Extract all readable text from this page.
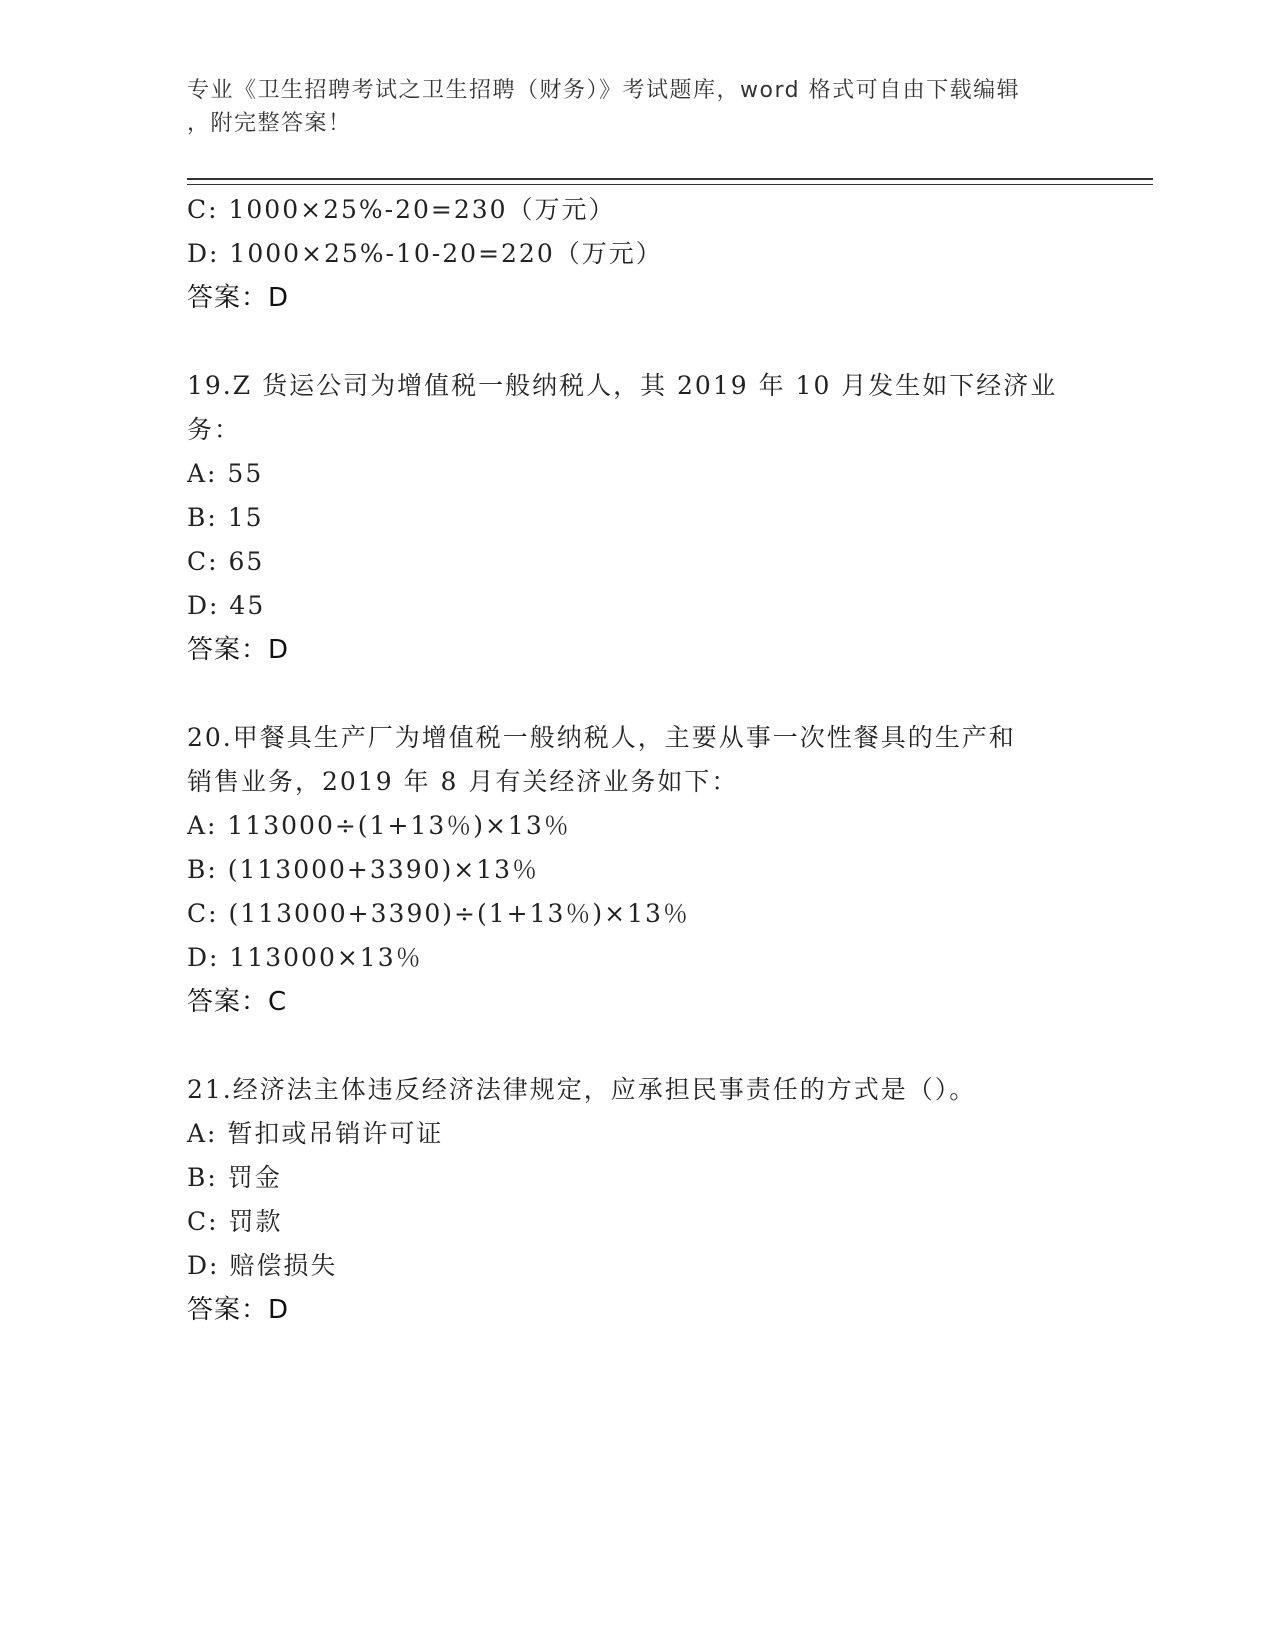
专业《卫生招聘考试之卫生招聘（财务）》考试题库，word 格式可自由下载编辑
，附完整答案！
C: 1000×25%-20=230（万元）
D: 1000×25%-10-20=220（万元）
答案：D
19.Z 货运公司为增值税一般纳税人，其 2019 年 10 月发生如下经济业
务：
A: 55
B: 15
C: 65
D: 45
答案：D
20.甲餐具生产厂为增值税一般纳税人，主要从事一次性餐具的生产和
销售业务，2019 年 8 月有关经济业务如下：
A: 113000÷(1+13％)×13％
B: (113000+3390)×13％
C: (113000+3390)÷(1+13％)×13％
D: 113000×13％
答案：C
21.经济法主体违反经济法律规定，应承担民事责任的方式是（）。
A: 暂扣或吊销许可证
B: 罚金
C: 罚款
D: 赔偿损失
答案：D
